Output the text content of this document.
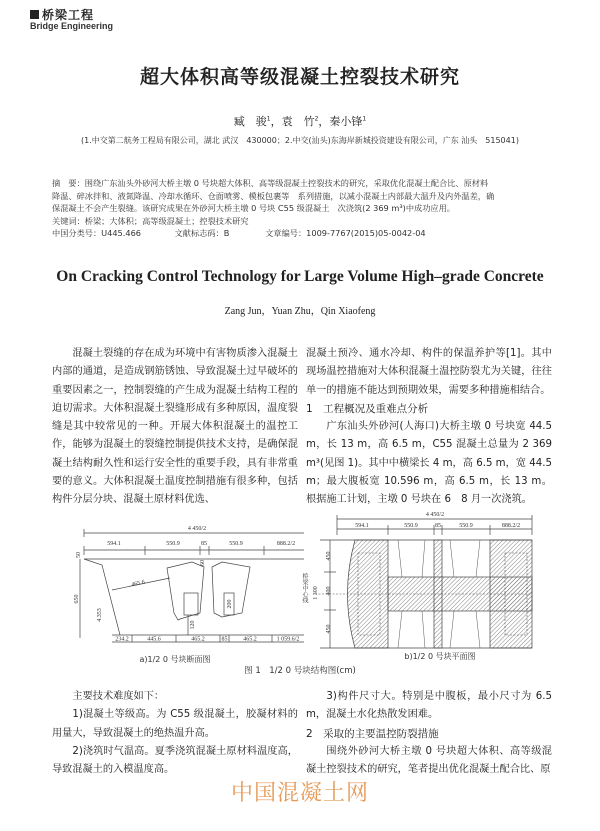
桥梁工程
Bridge Engineering
超大体积高等级混凝土控裂技术研究
臧　骏$^1$，袁　竹$^2$，秦小锋$^1$
(1.中交第二航务工程局有限公司，湖北 武汉　430000；2.中交(汕头)东海岸新城投资建设有限公司，广东 汕头　515041)
摘　要：围绕广东汕头外砂河大桥主墩 0 号块超大体积、高等级混凝土控裂技术的研究，采取优化混凝土配合比、原材料
降温、碎冰拌和、液氮降温、冷却水循环、仓面喷雾、模板包裹等　系列措施，以减小混凝土内部最大温升及内外温差，确
保混凝土不会产生裂缝。该研究成果在外砂河大桥主墩 0 号块 C55 级混凝土　次浇筑(2 369 m³)中成功应用。
关键词：桥梁；大体积；高等级混凝土；控裂技术研究
中国分类号：U445.466	文献标志码：B	文章编号：1009-7767(2015)05-0042-04
On Cracking Control Technology for Large Volume High–grade Concrete
Zang Jun，Yuan Zhu，Qin Xiaofeng

混凝土裂缝的存在成为环境中有害物质渗入混凝土内部的通道，是造成钢筋锈蚀、导致混凝土过早破坏的重要因素之一，控制裂缝的产生成为混凝土结构工程的迫切需求。大体积混凝土裂缝形成有多种原因，温度裂缝是其中较常见的一种。开展大体积混凝土的温控工作，能够为混凝土的裂缝控制提供技术支持，是确保混凝土结构耐久性和运行安全性的重要手段，具有非常重要的意义。大体积混凝土温度控制措施有很多种，包括构件分层分块、混凝土原材料优选、

混凝土预冷、通水冷却、构件的保温养护等[1]。其中现场温控措施对大体积混凝土温控防裂尤为关键，往往单一的措施不能达到预期效果，需要多种措施相结合。

1　工程概况及重难点分析

广东汕头外砂河(人海口)大桥主墩 0 号块宽 44.5 m，长 13 m，高 6.5 m，C55 混凝土总量为 2 369 m³(见图 1)。其中中横梁长 4 m，高 6.5 m，宽 44.5 m；最大腹板宽 10.596 m，高 6.5 m，长 13 m。根据施工计划，主墩 0 号块在 6　8 月一次浇筑。

4 450/2
594.1	550.9	85	550.9	888.2/2
234.2	445.6	465.2	85	465.2	1 059.6/2
50
650
4.353
465.6
200
120
60
a)1/2 0 号块断面图
4 450/2
594.1	550.9	85	550.9	888.2/2
450
400
450
1 300
桥梁中心线
b)1/2 0 号块平面图
图 1　1/2 0 号块结构图(cm)

主要技术难度如下：

1)混凝土等级高。为 C55 级混凝土，胶凝材料的用量大，导致混凝土的绝热温升高。

2)浇筑时气温高。夏季浇筑混凝土原材料温度高，导致混凝土的入模温度高。

3)构件尺寸大。特别是中腹板，最小尺寸为 6.5 m，混凝土水化热散发困难。

2　采取的主要温控防裂措施

围绕外砂河大桥主墩 0 号块超大体积、高等级混凝土控裂技术的研究，笔者提出优化混凝土配合比、原

中国混凝土网
